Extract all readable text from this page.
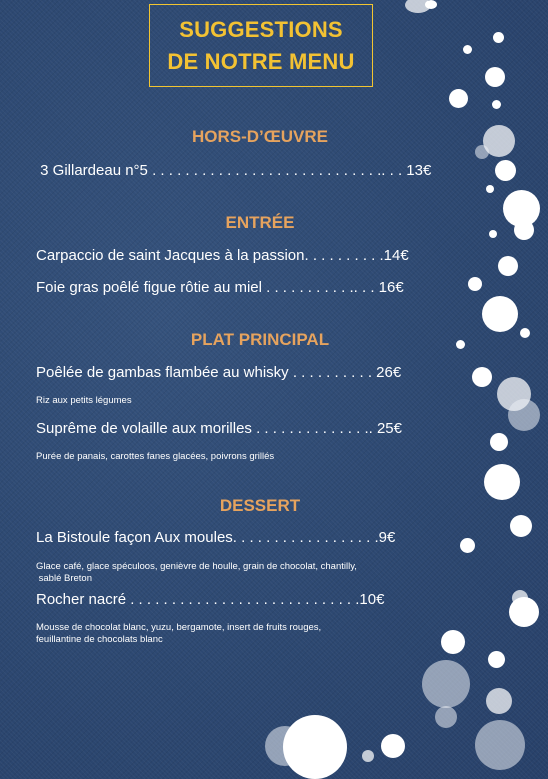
SUGGESTIONS
DE NOTRE MENU
HORS-D’ŒUVRE
3 Gillardeau n°5 . . . . . . . . . . . . . . . . . . . . . . . . . . . .. . . 13€
ENTRÉE
Carpaccio de saint Jacques à la passion. . . . . . . . . .14€
Foie gras poêlé figue rôtie au miel . . . . . . . . . . .. . . 16€
PLAT PRINCIPAL
Poêlée de gambas flambée au whisky . . . . . . . . . . 26€
Riz aux petits légumes
Suprême de volaille aux morilles . . . . . . . . . . . . . .. 25€
Purée de panais, carottes fanes glacées, poivrons grillés
DESSERT
La Bistoule façon Aux moules. . . . . . . . . . . . . . . . . .9€
Glace café, glace spéculoos, genièvre de houlle, grain de chocolat, chantilly,
sablé Breton
Rocher nacré . . . . . . . . . . . . . . . . . . . . . . . . . . . .10€
Mousse de chocolat blanc, yuzu, bergamote, insert de fruits rouges,
feuillantine de chocolats blanc
